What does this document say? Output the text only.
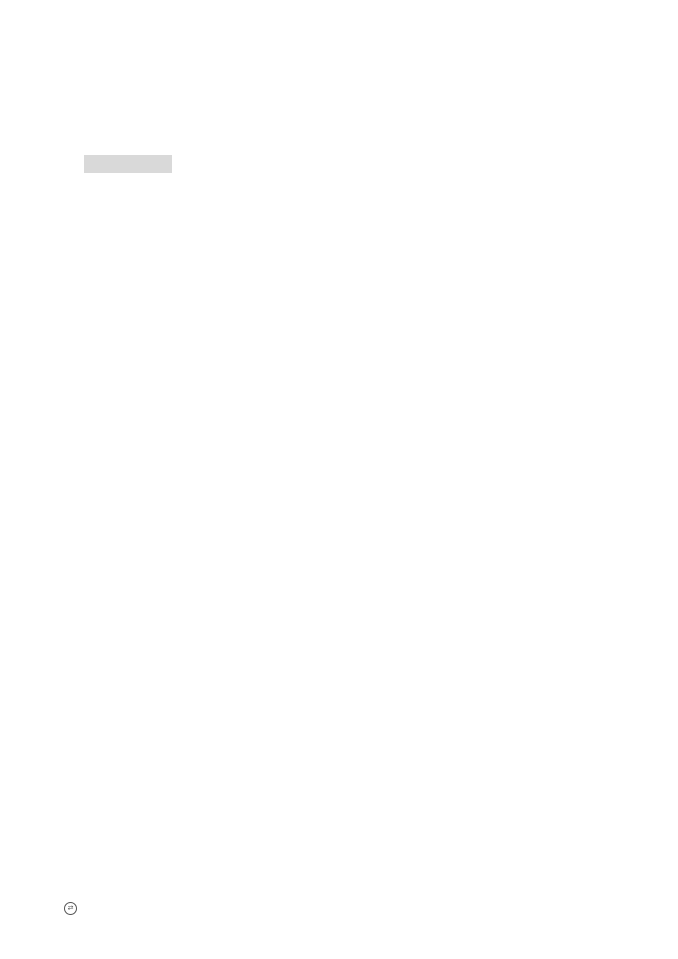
⇄
